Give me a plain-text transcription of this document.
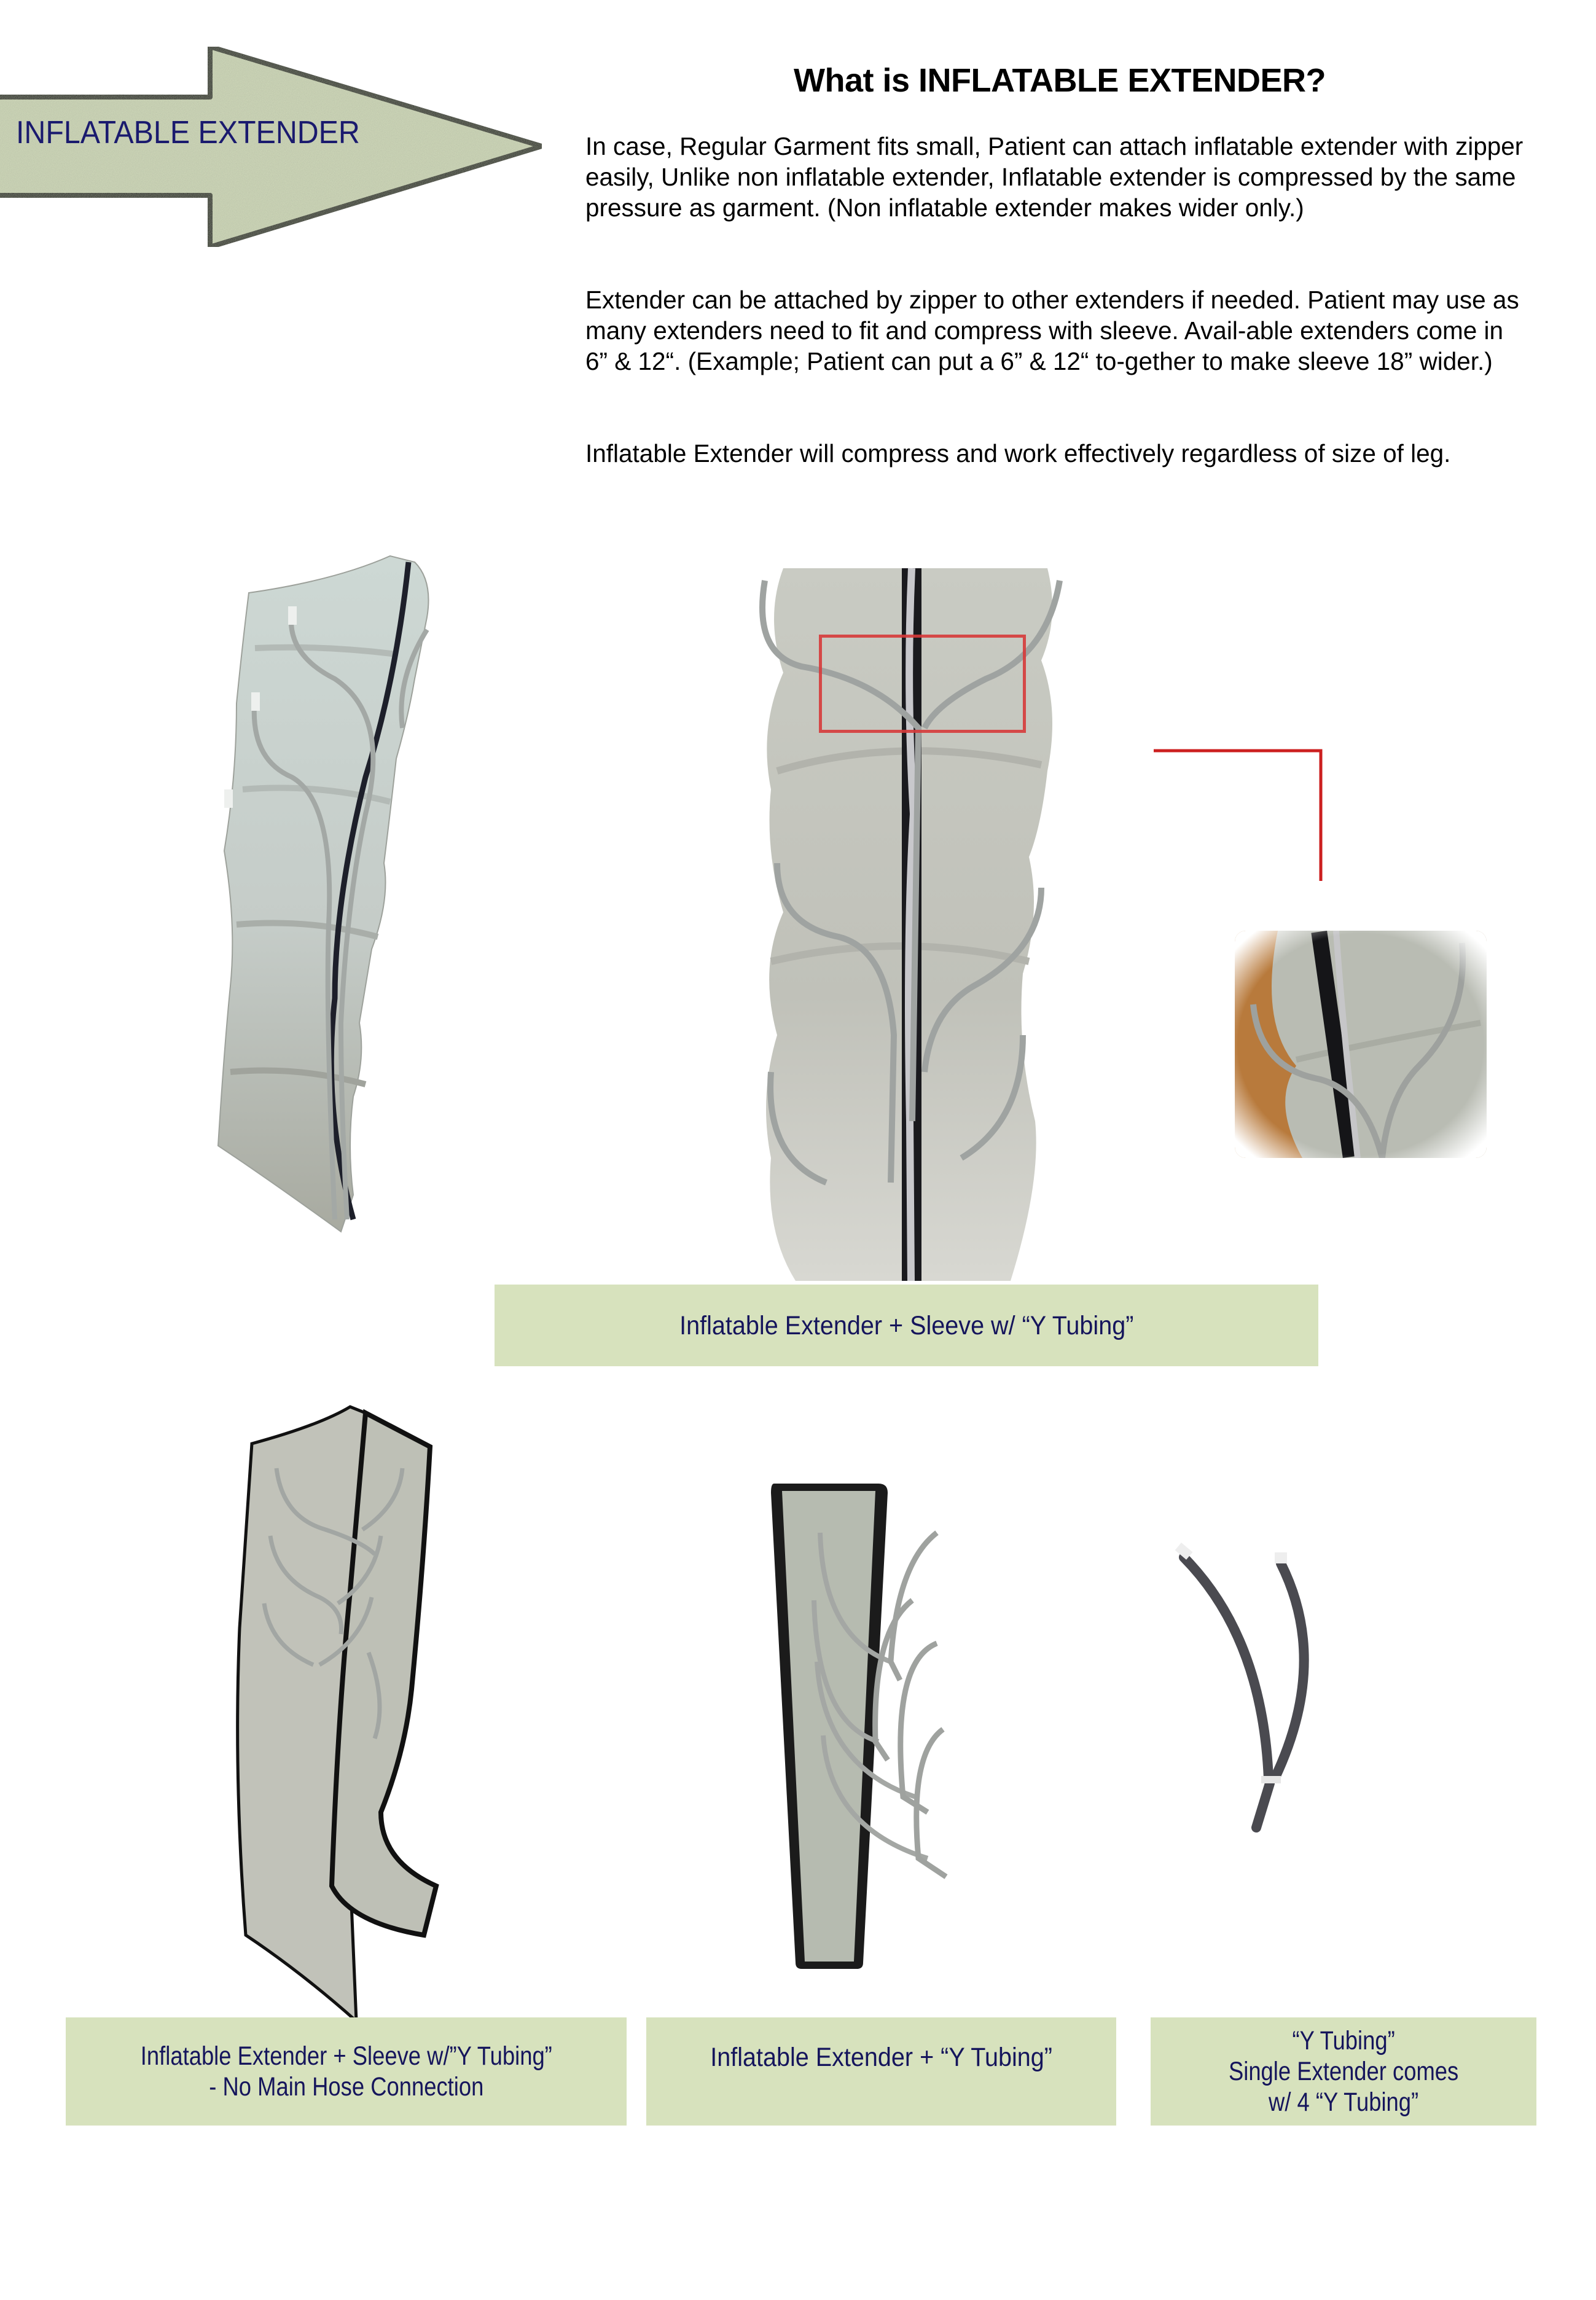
INFLATABLE EXTENDER
What is INFLATABLE EXTENDER?
In case, Regular Garment fits small, Patient can attach inflatable extender with zipper easily, Unlike non inflatable extender, Inflatable extender is compressed by the same pressure as garment. (Non inflatable extender makes wider only.)
Extender can be attached by zipper to other extenders if needed. Patient may use as many extenders need to fit and compress with sleeve. Avail-able extenders come in 6” & 12“. (Example; Patient can put a 6” & 12“ to-gether to make sleeve 18” wider.)
Inflatable Extender will compress and work effectively regardless of size of leg.
Inflatable Extender + Sleeve w/ “Y Tubing”
Inflatable Extender + Sleeve w/”Y Tubing”
- No Main Hose Connection
Inflatable Extender + “Y Tubing”
“Y Tubing”
Single Extender comes
w/ 4 “Y Tubing”
